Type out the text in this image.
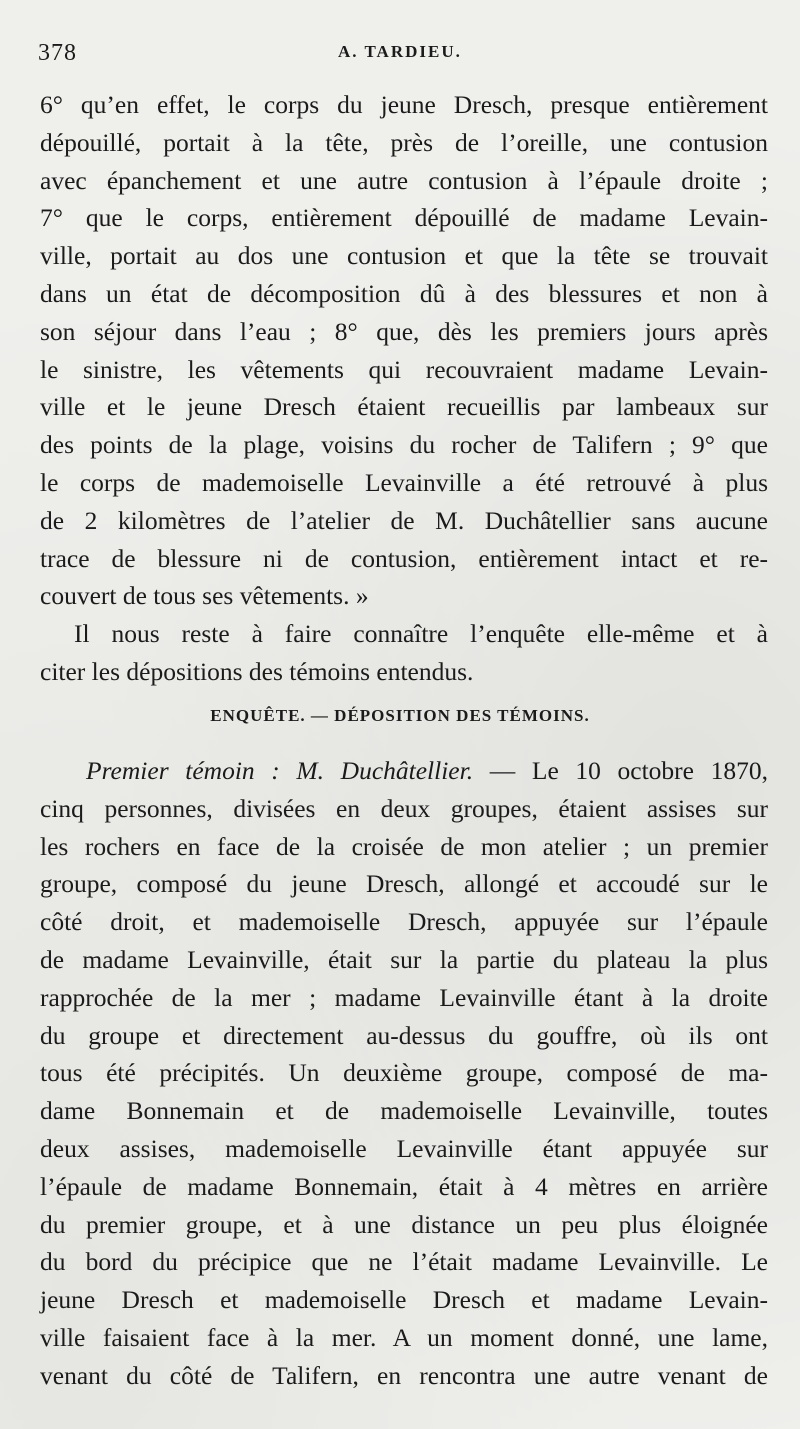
378	A. TARDIEU.
6° qu’en effet, le corps du jeune Dresch, presque entièrement
dépouillé, portait à la tête, près de l’oreille, une contusion
avec épanchement et une autre contusion à l’épaule droite ;
7° que le corps, entièrement dépouillé de madame Levain-
ville, portait au dos une contusion et que la tête se trouvait
dans un état de décomposition dû à des blessures et non à
son séjour dans l’eau ; 8° que, dès les premiers jours après
le sinistre, les vêtements qui recouvraient madame Levain-
ville et le jeune Dresch étaient recueillis par lambeaux sur
des points de la plage, voisins du rocher de Talifern ; 9° que
le corps de mademoiselle Levainville a été retrouvé à plus
de 2 kilomètres de l’atelier de M. Duchâtellier sans aucune
trace de blessure ni de contusion, entièrement intact et re-
couvert de tous ses vêtements. »
Il nous reste à faire connaître l’enquête elle-même et à
citer les dépositions des témoins entendus.
ENQUÊTE. — DÉPOSITION DES TÉMOINS.
Premier témoin : M. Duchâtellier. — Le 10 octobre 1870,
cinq personnes, divisées en deux groupes, étaient assises sur
les rochers en face de la croisée de mon atelier ; un premier
groupe, composé du jeune Dresch, allongé et accoudé sur le
côté droit, et mademoiselle Dresch, appuyée sur l’épaule
de madame Levainville, était sur la partie du plateau la plus
rapprochée de la mer ; madame Levainville étant à la droite
du groupe et directement au-dessus du gouffre, où ils ont
tous été précipités. Un deuxième groupe, composé de ma-
dame Bonnemain et de mademoiselle Levainville, toutes
deux assises, mademoiselle Levainville étant appuyée sur
l’épaule de madame Bonnemain, était à 4 mètres en arrière
du premier groupe, et à une distance un peu plus éloignée
du bord du précipice que ne l’était madame Levainville. Le
jeune Dresch et mademoiselle Dresch et madame Levain-
ville faisaient face à la mer. A un moment donné, une lame,
venant du côté de Talifern, en rencontra une autre venant de
